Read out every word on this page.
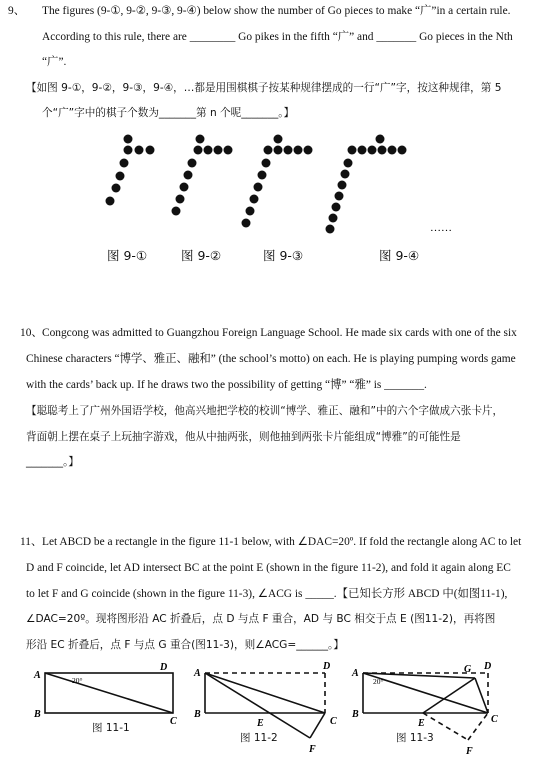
9、	The figures (9-①, 9-②, 9-③, 9-④) below show the number of Go pieces to make “广”in a certain rule.
According to this rule, there are ________ Go pikes in the fifth “广” and _______ Go pieces in the Nth
“广”.
【如图 9-①，9-②，9-③，9-④，…都是用围棋棋子按某种规律摆成的一行“广”字，按这种规律，第 5
个“广”字中的棋子个数为_______第 n 个呢_______。】
……
图 9-①	图 9-②	图 9-③	图 9-④
10、 Congcong was admitted to Guangzhou Foreign Language School. He made six cards with one of the six
Chinese characters “博学、雅正、融和” (the school’s motto) on each. He is playing pumping words game
with the cards’ back up. If he draws two the possibility of getting “博” “雅” is _______.
【聪聪考上了广州外国语学校，他高兴地把学校的校训“博学、雅正、融和”中的六个字做成六张卡片，
背面朝上摆在桌子上玩抽字游戏，他从中抽两张，则他抽到两张卡片能组成“博雅”的可能性是
_______。】
11、 Let ABCD be a rectangle in the figure 11-1 below, with ∠DAC=20º. If fold the rectangle along AC to let
D and F coincide, let AD intersect BC at the point E (shown in the figure 11-2), and fold it again along EC
to let F and G coincide (shown in the figure 11-3), ∠ACG is _____.【已知长方形 ABCD 中(如图11-1),
∠DAC=20º。现将图形沿 AC 折叠后，点 D 与点 F 重合，AD 与 BC 相交于点 E (图11-2)，再将图
形沿 EC 折叠后，点 F 与点 G 重合(图11-3)，则∠ACG=______。】
A
D
B
C
20°
图 11-1
A
D
B
C
E
F
图 11-2
A	G D
B	C
E
F
20°
图 11-3
